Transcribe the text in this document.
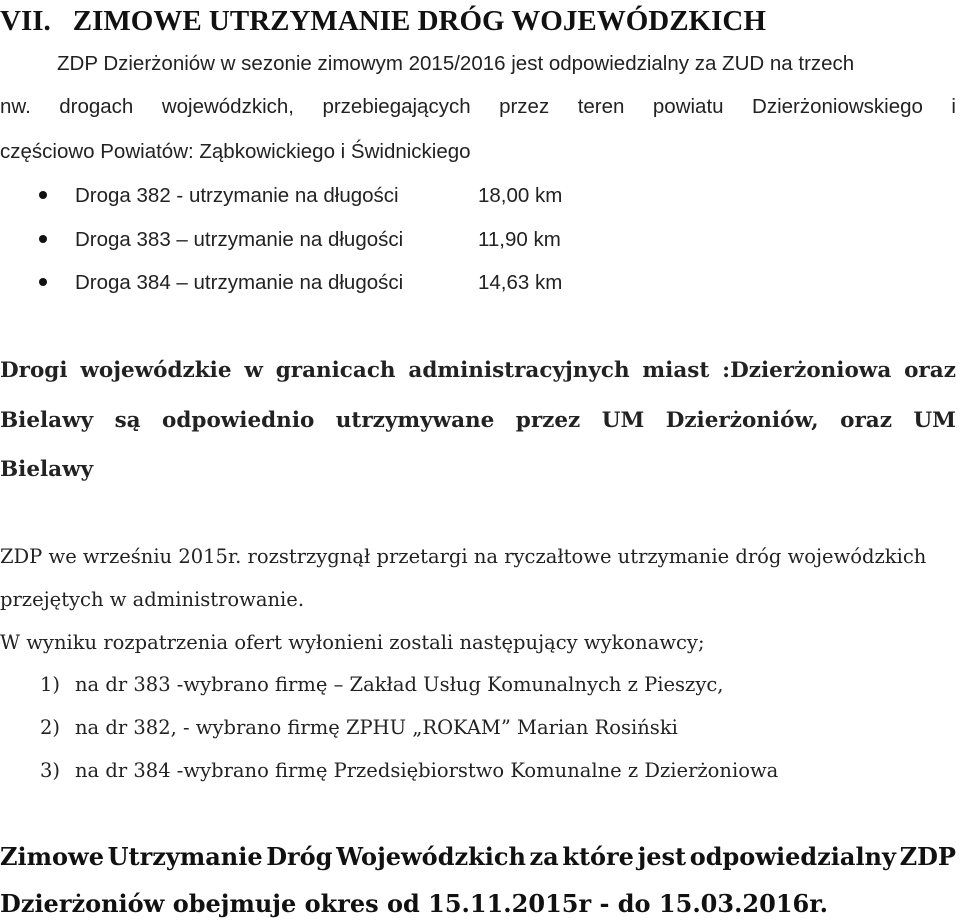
VII. ZIMOWE UTRZYMANIE DRÓG WOJEWÓDZKICH
ZDP Dzierżoniów w sezonie zimowym 2015/2016 jest odpowiedzialny za ZUD na trzech
nw. drogach wojewódzkich, przebiegających przez teren powiatu Dzierżoniowskiego i
częściowo Powiatów: Ząbkowickiego i Świdnickiego
Droga 382 - utrzymanie na długości	18,00 km
Droga 383 – utrzymanie na długości	11,90 km
Droga 384 – utrzymanie na długości	14,63 km
Drogi wojewódzkie w granicach administracyjnych miast :Dzierżoniowa oraz
Bielawy są odpowiednio utrzymywane przez UM Dzierżoniów, oraz UM
Bielawy
ZDP we wrześniu 2015r. rozstrzygnął przetargi na ryczałtowe utrzymanie dróg wojewódzkich
przejętych w administrowanie.
W wyniku rozpatrzenia ofert wyłonieni zostali następujący wykonawcy;
1) na dr 383 -wybrano firmę – Zakład Usług Komunalnych z Pieszyc,
2) na dr 382, - wybrano firmę ZPHU „ROKAM” Marian Rosiński
3) na dr 384 -wybrano firmę Przedsiębiorstwo Komunalne z Dzierżoniowa
Zimowe Utrzymanie Dróg Wojewódzkich za które jest odpowiedzialny ZDP
Dzierżoniów obejmuje okres od 15.11.2015r - do 15.03.2016r.
